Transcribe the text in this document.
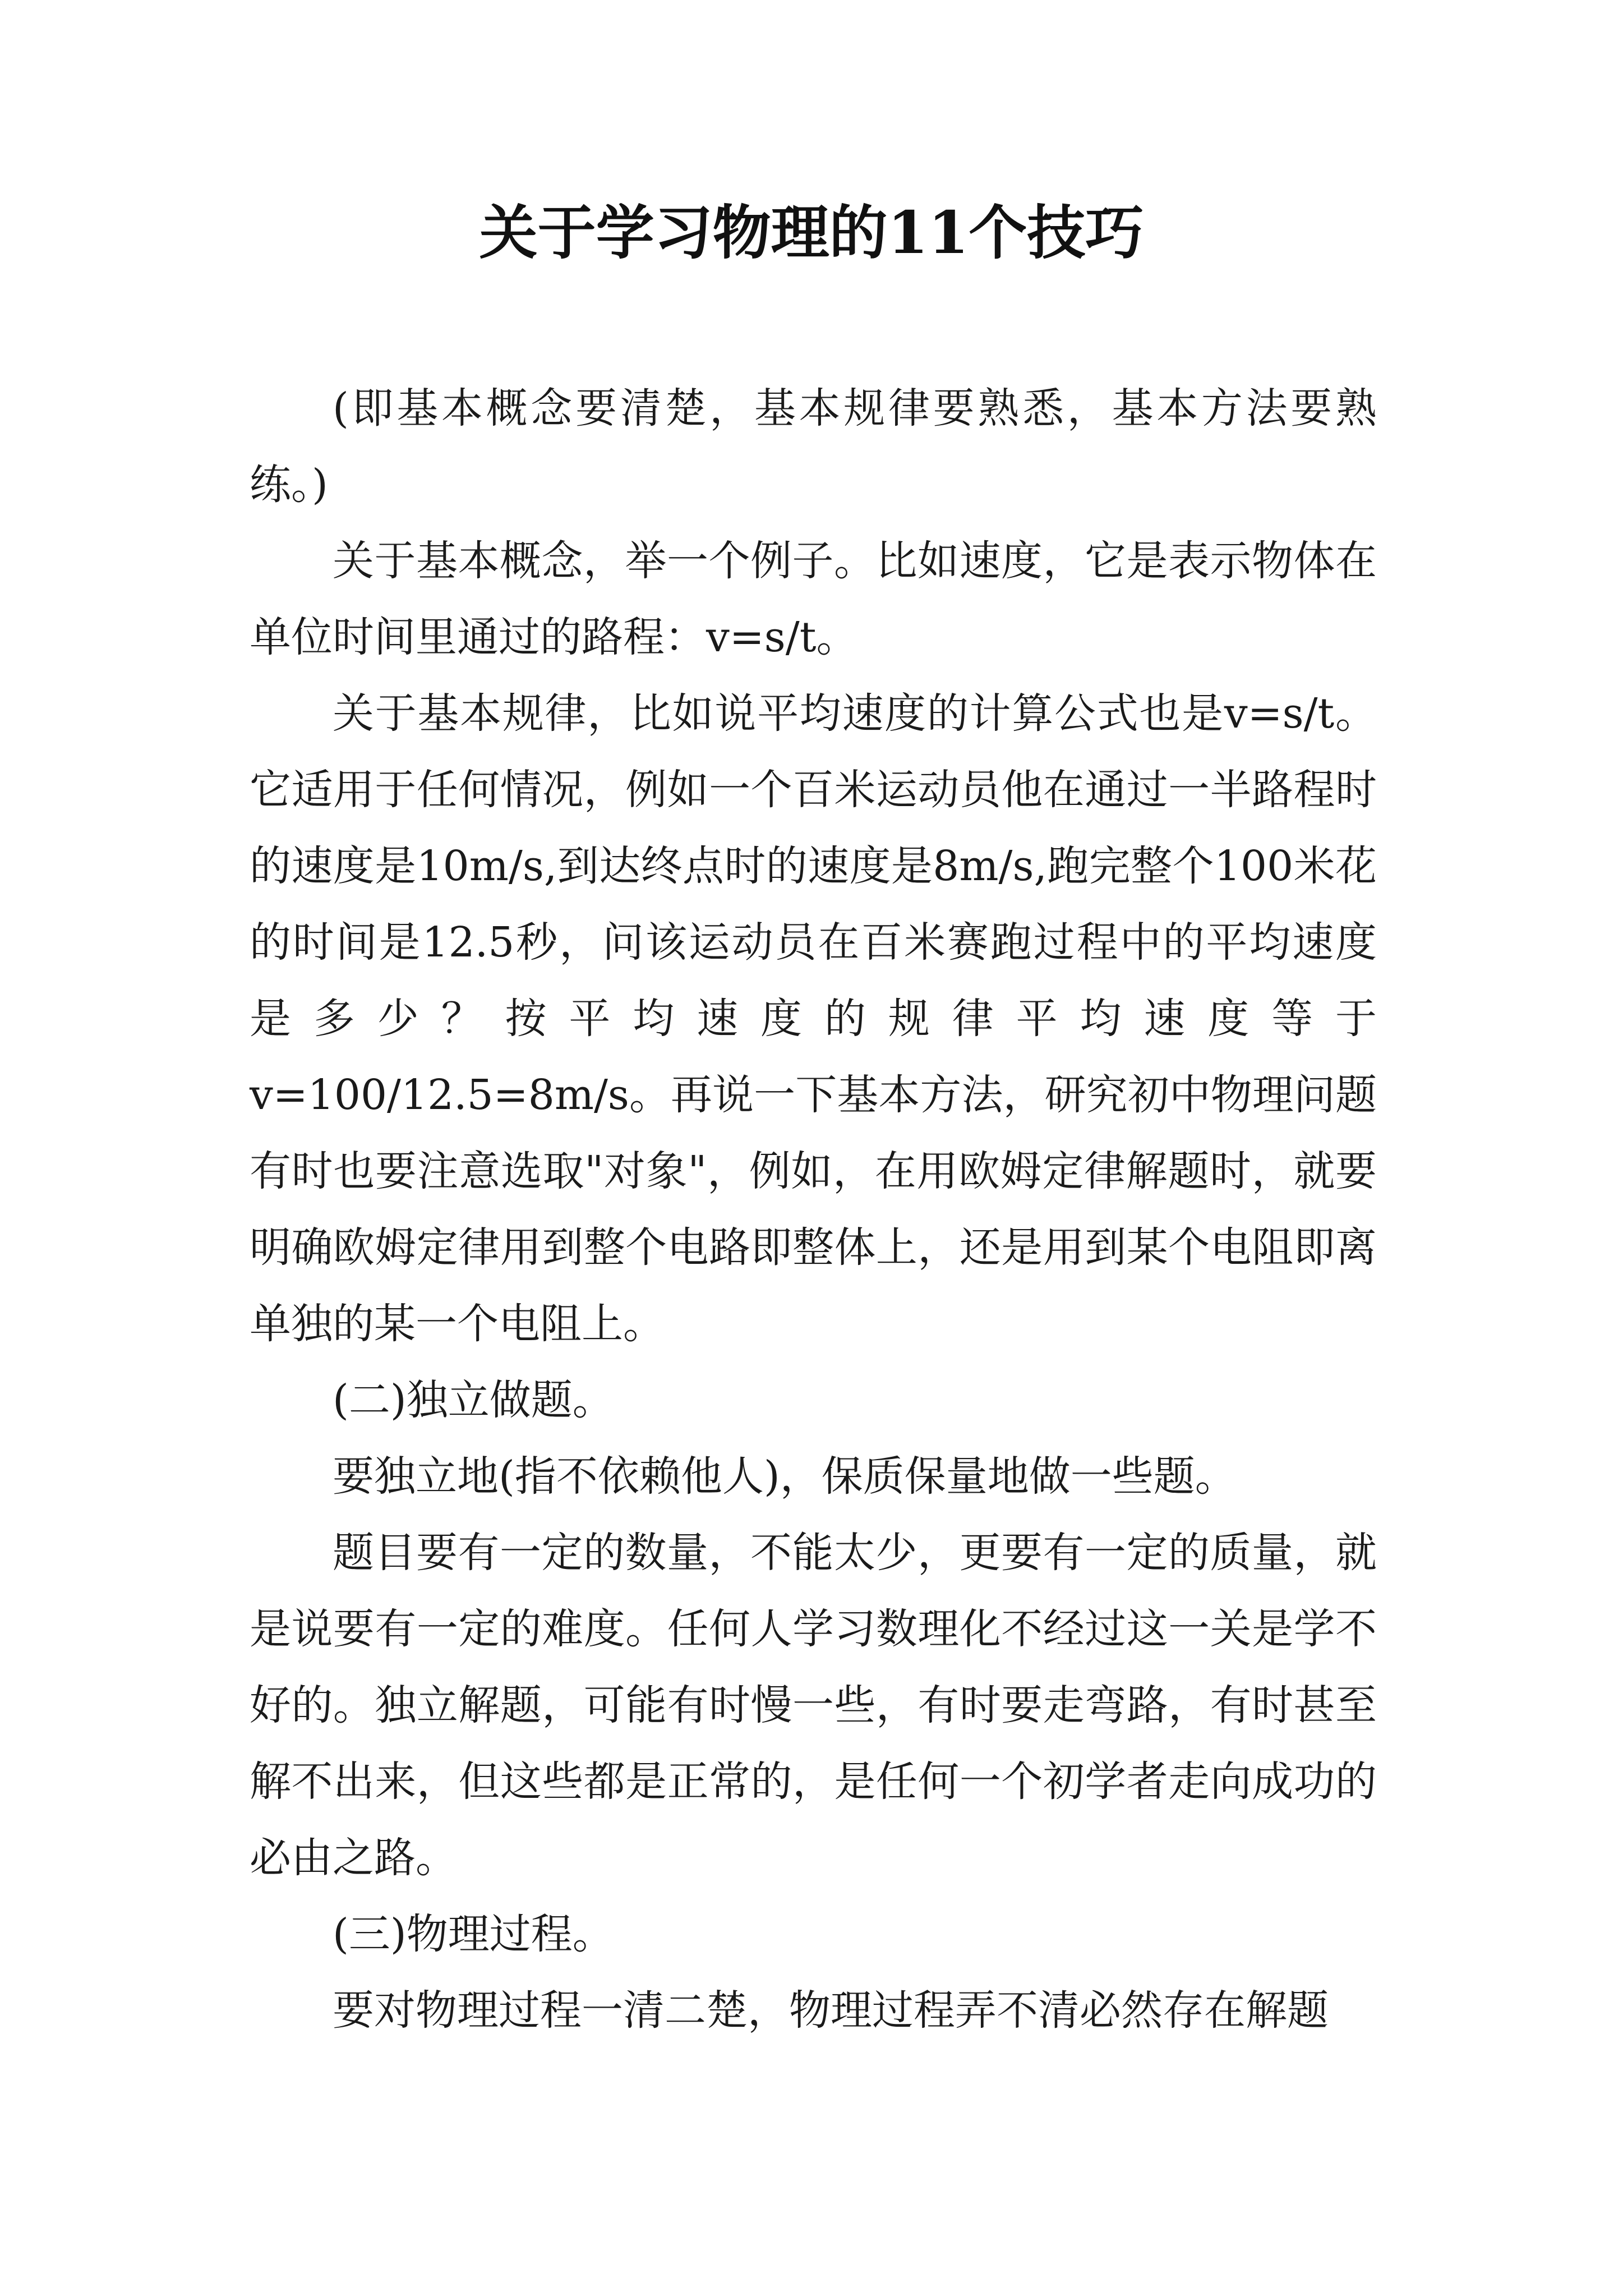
关于学习物理的11个技巧

(即基本概念要清楚，基本规律要熟悉，基本方法要熟练。)

关于基本概念，举一个例子。比如速度，它是表示物体在单位时间里通过的路程：v=s/t。

关于基本规律，比如说平均速度的计算公式也是v=s/t。它适用于任何情况，例如一个百米运动员他在通过一半路程时的速度是10m/s,到达终点时的速度是8m/s,跑完整个100米花的时间是12.5秒，问该运动员在百米赛跑过程中的平均速度是多少？按平均速度的规律平均速度等于v=100/12.5=8m/s。再说一下基本方法，研究初中物理问题有时也要注意选取"对象"，例如，在用欧姆定律解题时，就要明确欧姆定律用到整个电路即整体上，还是用到某个电阻即离单独的某一个电阻上。

(二)独立做题。

要独立地(指不依赖他人)，保质保量地做一些题。

题目要有一定的数量，不能太少，更要有一定的质量，就是说要有一定的难度。任何人学习数理化不经过这一关是学不好的。独立解题，可能有时慢一些，有时要走弯路，有时甚至解不出来，但这些都是正常的，是任何一个初学者走向成功的必由之路。

(三)物理过程。

要对物理过程一清二楚，物理过程弄不清必然存在解题
